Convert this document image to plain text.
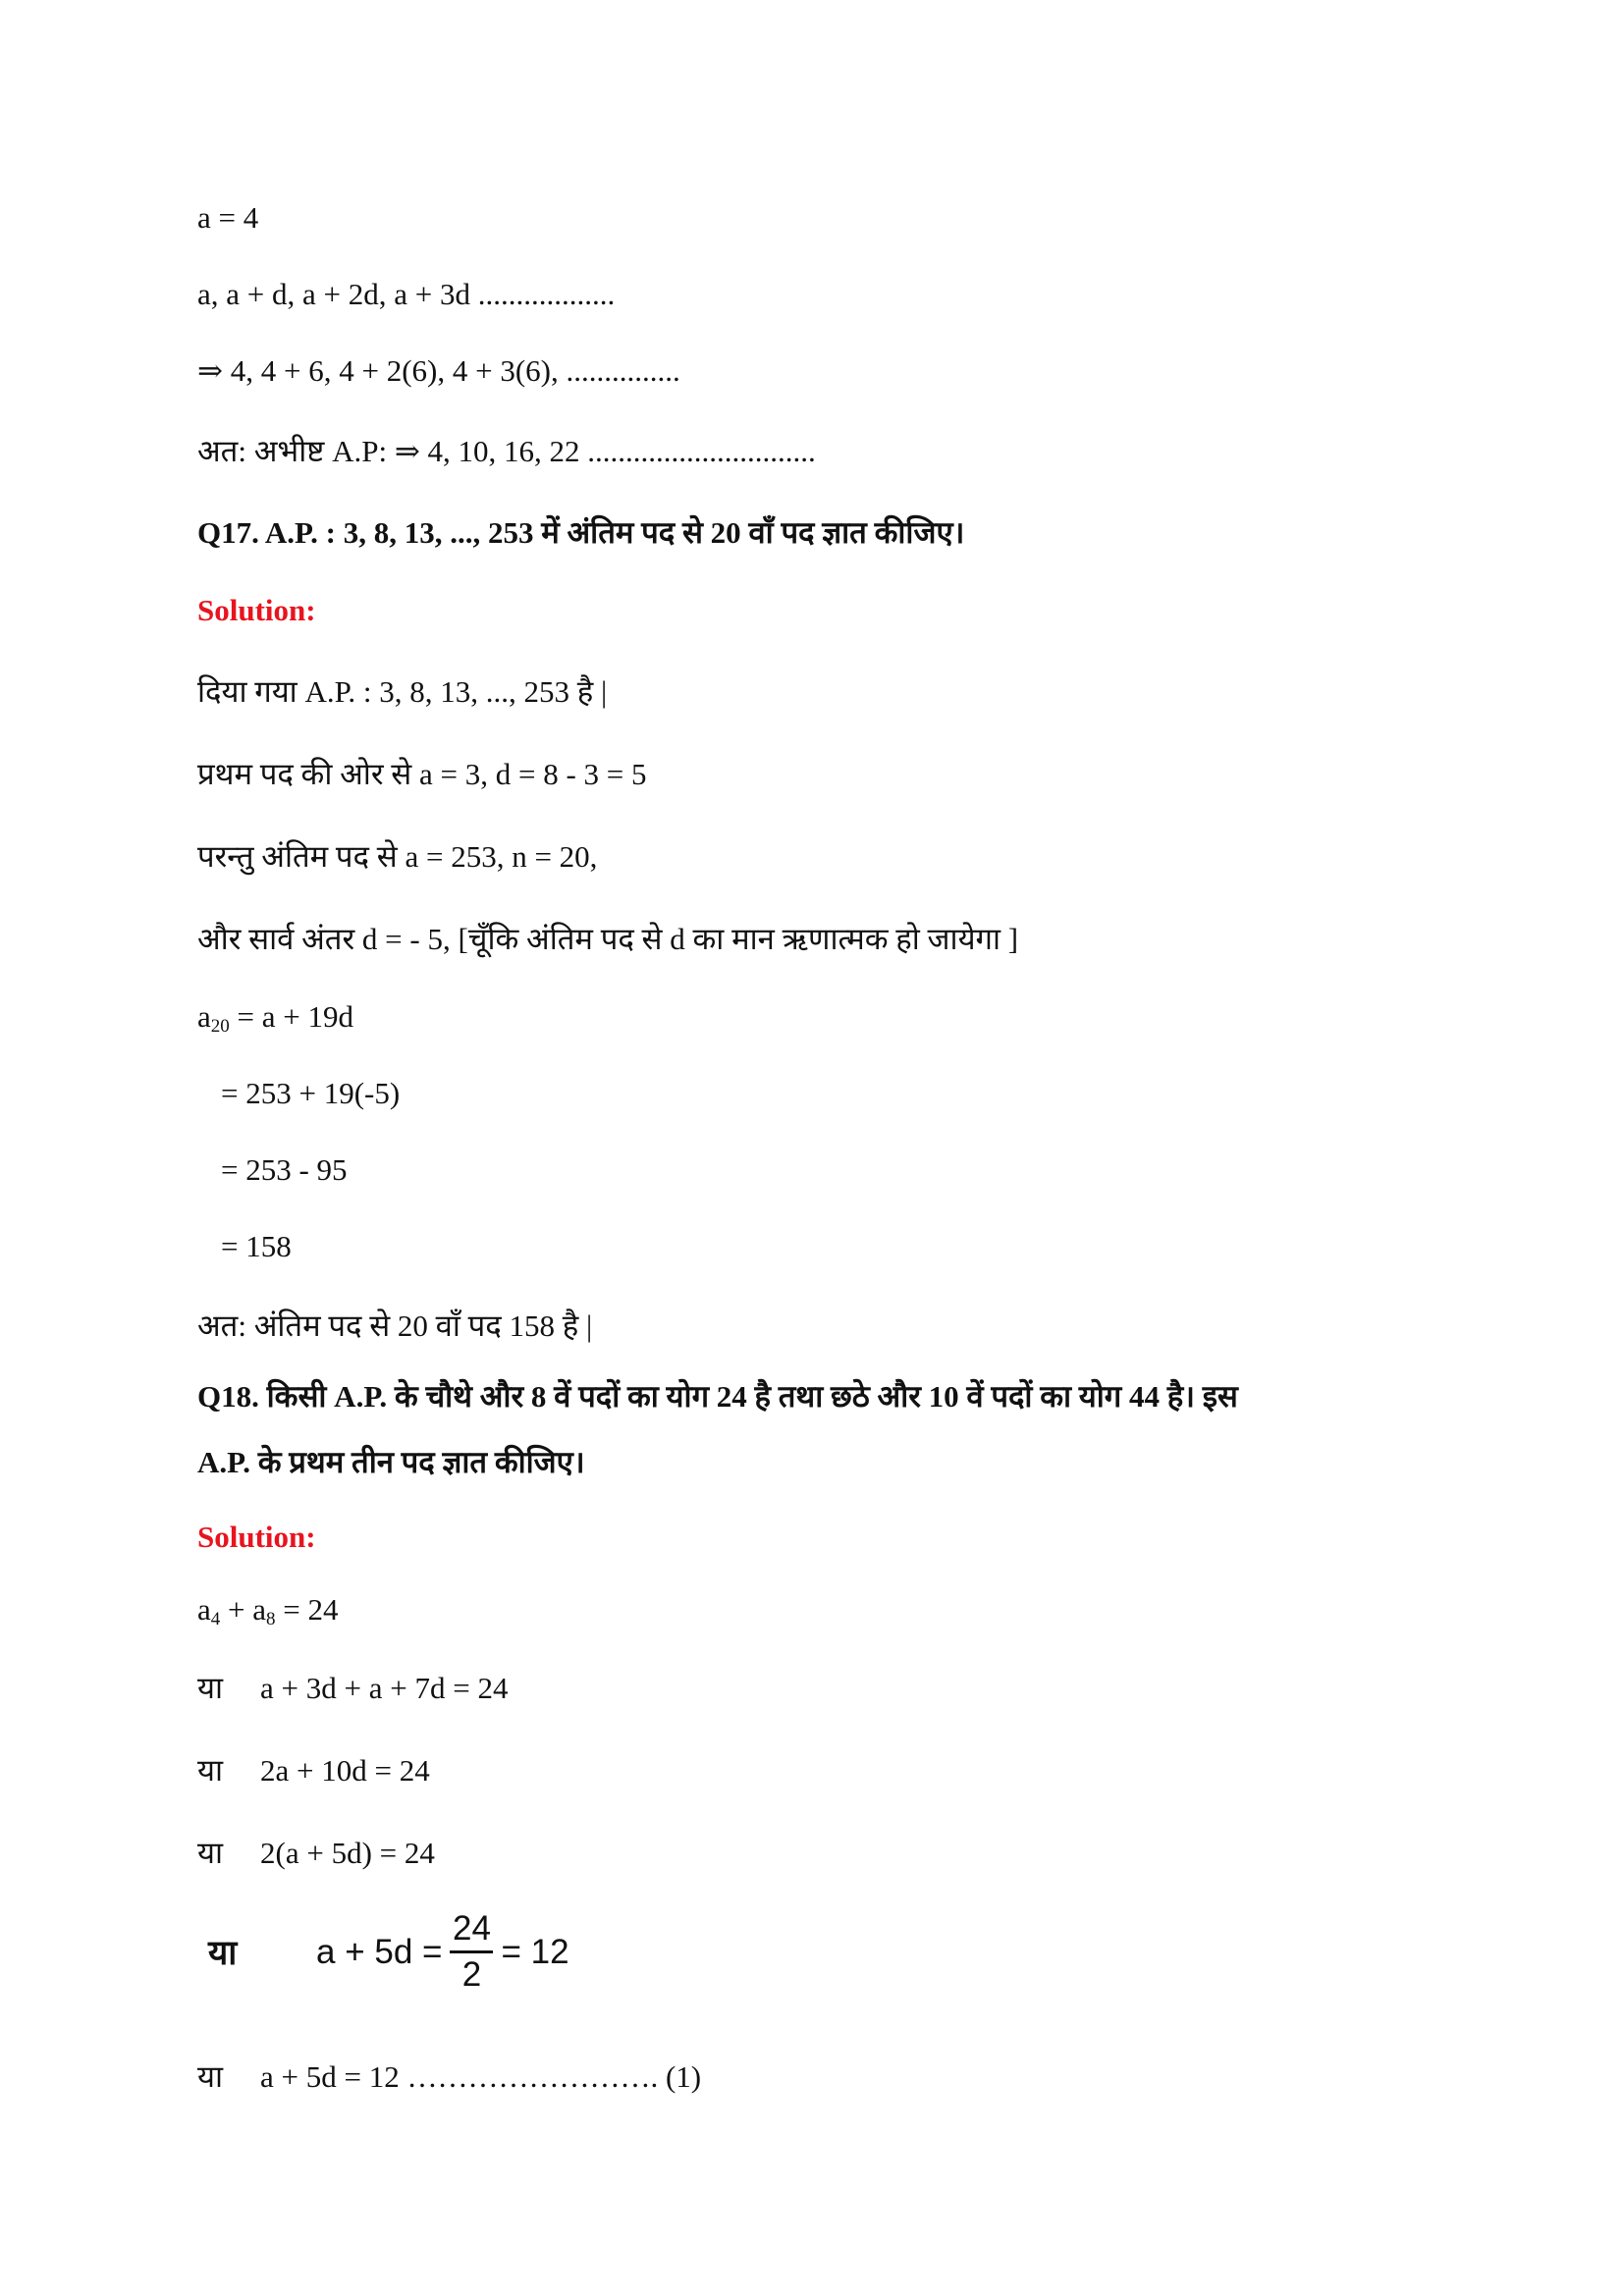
a = 4
a, a + d, a + 2d, a + 3d ..................
⇒ 4, 4 + 6, 4 + 2(6), 4 + 3(6), ...............
अत: अभीष्ट A.P: ⇒ 4, 10, 16, 22 ..............................
Q17. A.P. : 3, 8, 13, ..., 253 में अंतिम पद से 20 वाँ पद ज्ञात कीजिए।
Solution:
दिया गया A.P. : 3, 8, 13, ..., 253 है |
प्रथम पद की ओर से a = 3, d = 8 - 3 = 5
परन्तु अंतिम पद से a = 253, n = 20,
और सार्व अंतर d = - 5, [चूँकि अंतिम पद से d का मान ऋणात्मक हो जायेगा ]
$a_{20} = a + 19d$
= 253 + 19(-5)
= 253 - 95
= 158
अत: अंतिम पद से 20 वाँ पद 158 है |
Q18. किसी A.P. के चौथे और 8 वें पदों का योग 24 है तथा छठे और 10 वें पदों का योग 44 है। इस
A.P. के प्रथम तीन पद ज्ञात कीजिए।
Solution:
$a_4 + a_8 = 24$
या a + 3d + a + 7d = 24
या 2a + 10d = 24
या 2(a + 5d) = 24
या	$a + 5d = \frac{24}{2} = 12$
या a + 5d = 12 ……………………. (1)
